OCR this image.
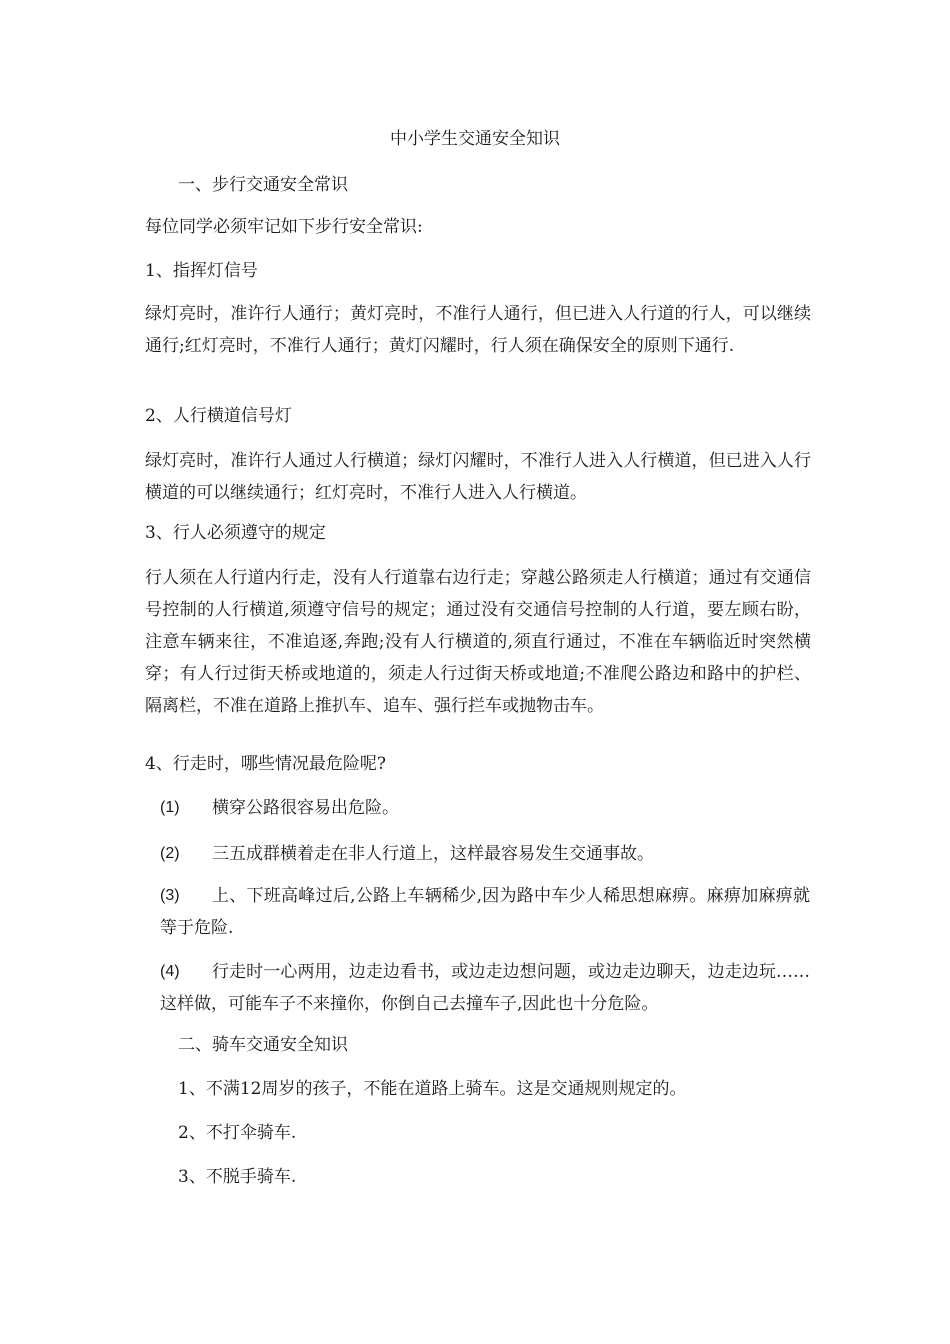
中小学生交通安全知识
一、步行交通安全常识
每位同学必须牢记如下步行安全常识:
1、指挥灯信号
绿灯亮时，准许行人通行；黄灯亮时，不准行人通行，但已进入人行道的行人，可以继续通行;红灯亮时，不准行人通行；黄灯闪耀时，行人须在确保安全的原则下通行.
2、人行横道信号灯
绿灯亮时，准许行人通过人行横道；绿灯闪耀时，不准行人进入人行横道，但已进入人行横道的可以继续通行；红灯亮时，不准行人进入人行横道。
3、行人必须遵守的规定
行人须在人行道内行走，没有人行道靠右边行走；穿越公路须走人行横道；通过有交通信号控制的人行横道,须遵守信号的规定；通过没有交通信号控制的人行道，要左顾右盼，注意车辆来往，不准追逐,奔跑;没有人行横道的,须直行通过，不准在车辆临近时突然横穿；有人行过街天桥或地道的，须走人行过街天桥或地道;不准爬公路边和路中的护栏、隔离栏，不准在道路上推扒车、追车、强行拦车或抛物击车。
4、行走时，哪些情况最危险呢?
(1)	横穿公路很容易出危险。
(2)	三五成群横着走在非人行道上，这样最容易发生交通事故。
(3)	上、下班高峰过后,公路上车辆稀少,因为路中车少人稀思想麻痹。麻痹加麻痹就等于危险.
(4)	行走时一心两用，边走边看书，或边走边想问题，或边走边聊天，边走边玩……这样做，可能车子不来撞你，你倒自己去撞车子,因此也十分危险。
二、骑车交通安全知识
1、不满12周岁的孩子，不能在道路上骑车。这是交通规则规定的。
2、不打伞骑车.
3、不脱手骑车.
